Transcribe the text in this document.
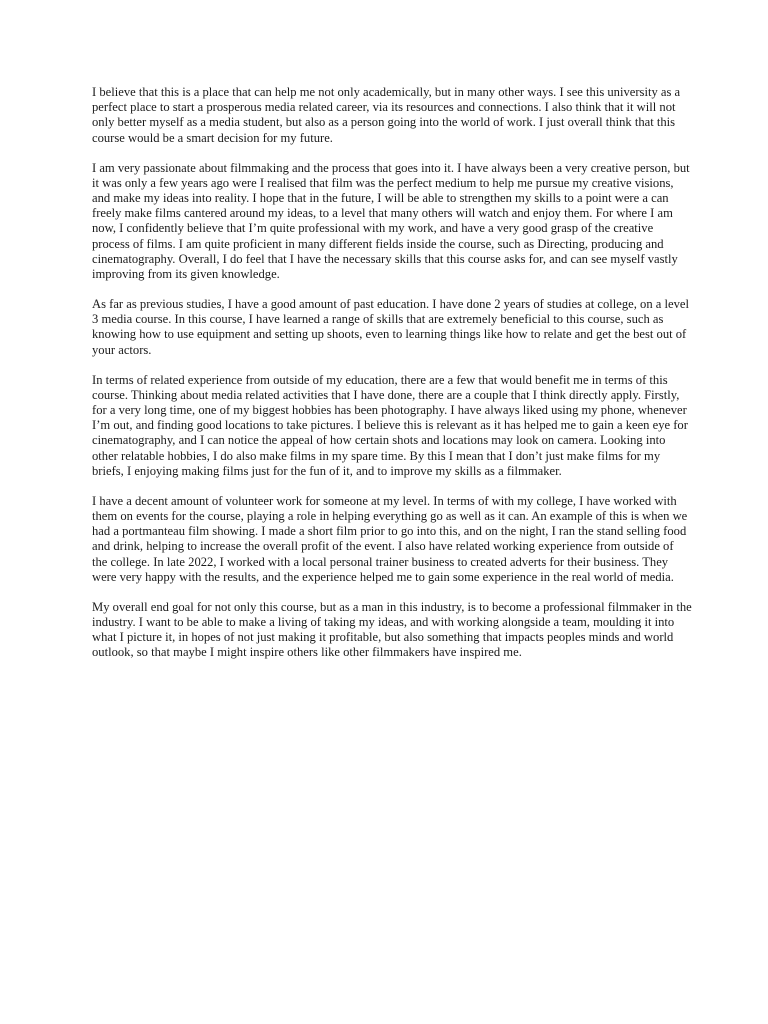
I believe that this is a place that can help me not only academically, but in many other ways. I see this university as a perfect place to start a prosperous media related career, via its resources and connections. I also think that it will not only better myself as a media student, but also as a person going into the world of work. I just overall think that this course would be a smart decision for my future.

I am very passionate about filmmaking and the process that goes into it. I have always been a very creative person, but it was only a few years ago were I realised that film was the perfect medium to help me pursue my creative visions, and make my ideas into reality. I hope that in the future, I will be able to strengthen my skills to a point were a can freely make films cantered around my ideas, to a level that many others will watch and enjoy them. For where I am now, I confidently believe that I’m quite professional with my work, and have a very good grasp of the creative process of films. I am quite proficient in many different fields inside the course, such as Directing, producing and cinematography. Overall, I do feel that I have the necessary skills that this course asks for, and can see myself vastly improving from its given knowledge.

As far as previous studies, I have a good amount of past education. I have done 2 years of studies at college, on a level 3 media course. In this course, I have learned a range of skills that are extremely beneficial to this course, such as knowing how to use equipment and setting up shoots, even to learning things like how to relate and get the best out of your actors.

In terms of related experience from outside of my education, there are a few that would benefit me in terms of this course. Thinking about media related activities that I have done, there are a couple that I think directly apply. Firstly, for a very long time, one of my biggest hobbies has been photography. I have always liked using my phone, whenever I’m out, and finding good locations to take pictures. I believe this is relevant as it has helped me to gain a keen eye for cinematography, and I can notice the appeal of how certain shots and locations may look on camera. Looking into other relatable hobbies, I do also make films in my spare time. By this I mean that I don’t just make films for my briefs, I enjoying making films just for the fun of it, and to improve my skills as a filmmaker.

I have a decent amount of volunteer work for someone at my level. In terms of with my college, I have worked with them on events for the course, playing a role in helping everything go as well as it can. An example of this is when we had a portmanteau film showing. I made a short film prior to go into this, and on the night, I ran the stand selling food and drink, helping to increase the overall profit of the event. I also have related working experience from outside of the college. In late 2022, I worked with a local personal trainer business to created adverts for their business. They were very happy with the results, and the experience helped me to gain some experience in the real world of media.

My overall end goal for not only this course, but as a man in this industry, is to become a professional filmmaker in the industry. I want to be able to make a living of taking my ideas, and with working alongside a team, moulding it into what I picture it, in hopes of not just making it profitable, but also something that impacts peoples minds and world outlook, so that maybe I might inspire others like other filmmakers have inspired me.
